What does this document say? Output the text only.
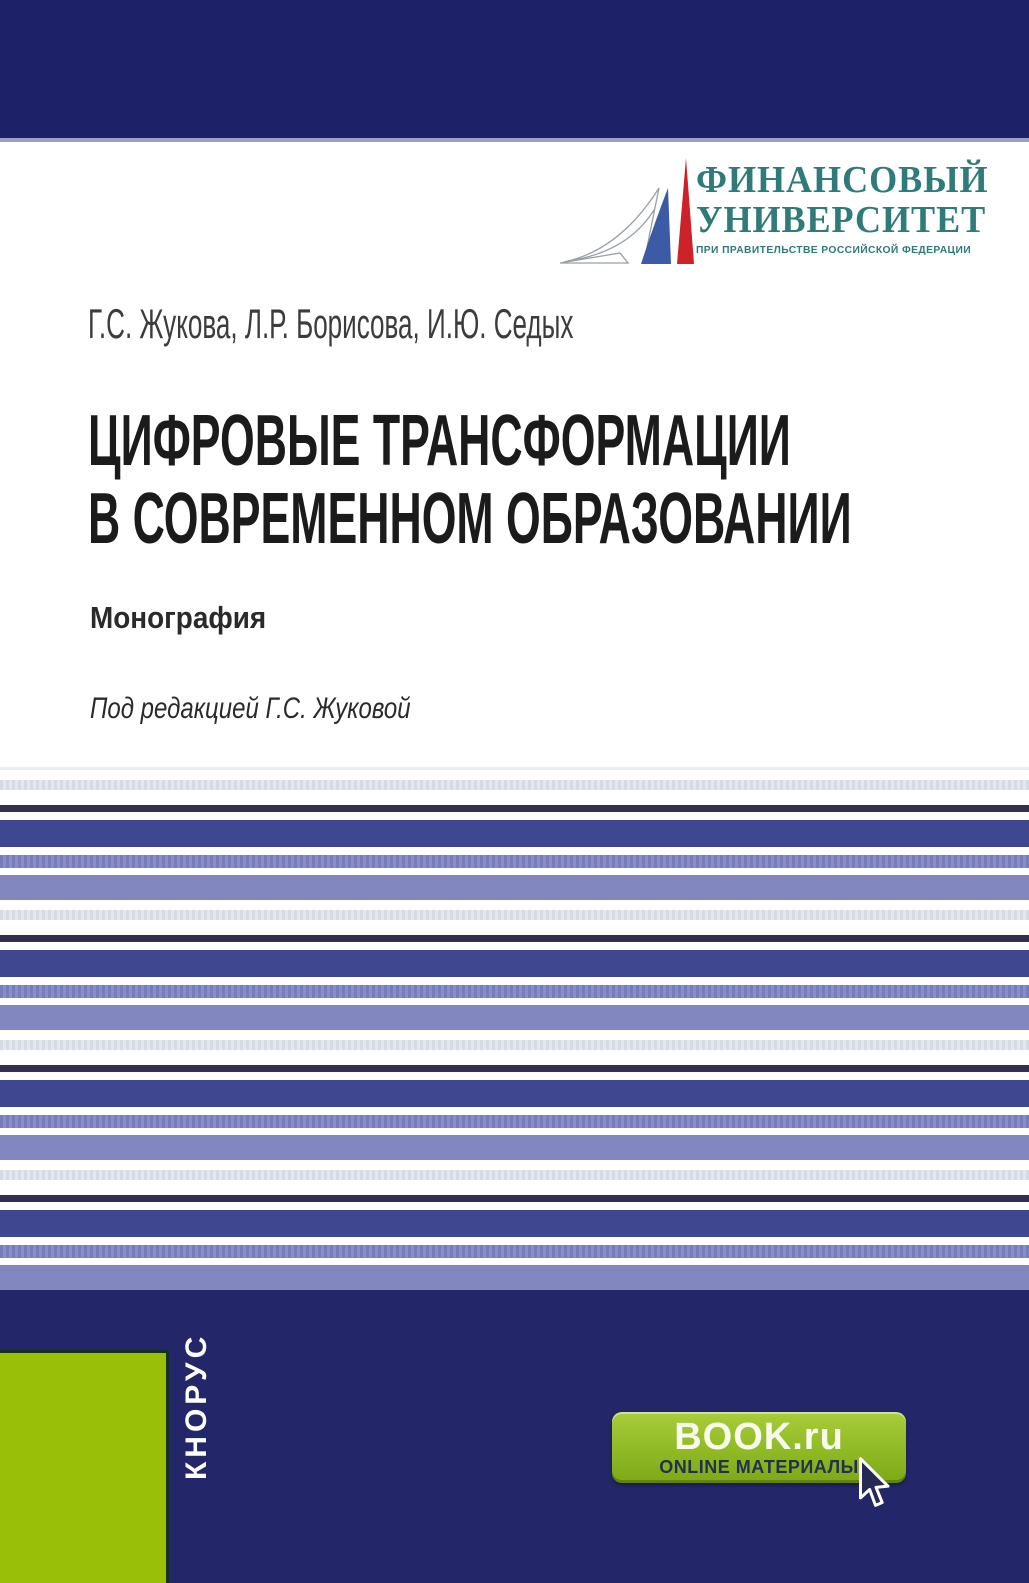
ФИНАНСОВЫЙ
УНИВЕРСИТЕТ
ПРИ ПРАВИТЕЛЬСТВЕ РОССИЙСКОЙ ФЕДЕРАЦИИ
Г.С. Жукова, Л.Р. Борисова, И.Ю. Седых
ЦИФРОВЫЕ ТРАНСФОРМАЦИИ
В СОВРЕМЕННОМ ОБРАЗОВАНИИ
Монография
Под редакцией Г.С. Жуковой
КНОРУС	BOOK.ru
ONLINE МАТЕРИАЛЫ
